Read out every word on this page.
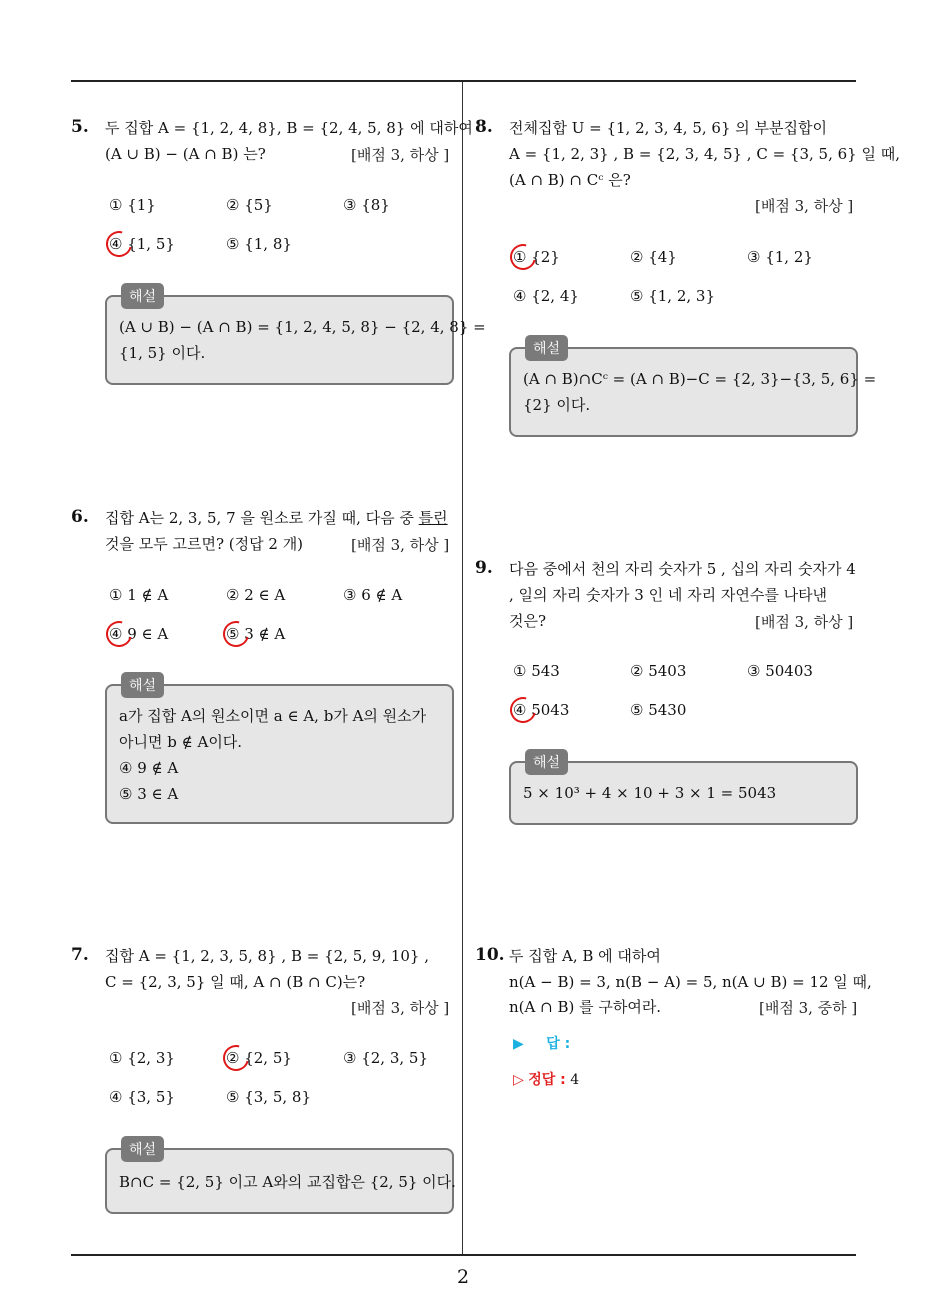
5. 두 집합 A = {1, 2, 4, 8}, B = {2, 4, 5, 8} 에 대하여
(A ∪ B) − (A ∩ B) 는?	[배점 3, 하상 ]
① {1}	② {5}	③ {8}
④ {1, 5}	⑤ {1, 8}
해설
(A ∪ B) − (A ∩ B) = {1, 2, 4, 5, 8} − {2, 4, 8} =
{1, 5} 이다.
6. 집합 A는 2, 3, 5, 7 을 원소로 가질 때, 다음 중 틀린
것을 모두 고르면? (정답 2 개)	[배점 3, 하상 ]
① 1 ∉ A	② 2 ∈ A	③ 6 ∉ A
④ 9 ∈ A	⑤ 3 ∉ A
해설
a가 집합 A의 원소이면 a ∈ A, b가 A의 원소가
아니면 b ∉ A이다.
④ 9 ∉ A
⑤ 3 ∈ A
7. 집합 A = {1, 2, 3, 5, 8} , B = {2, 5, 9, 10} ,
C = {2, 3, 5} 일 때, A ∩ (B ∩ C)는?
[배점 3, 하상 ]
① {2, 3}	② {2, 5}	③ {2, 3, 5}
④ {3, 5}	⑤ {3, 5, 8}
해설
B∩C = {2, 5} 이고 A와의 교집합은 {2, 5} 이다.
8. 전체집합 U = {1, 2, 3, 4, 5, 6} 의 부분집합이
A = {1, 2, 3} , B = {2, 3, 4, 5} , C = {3, 5, 6} 일 때,
(A ∩ B) ∩ Cᶜ 은?
[배점 3, 하상 ]
① {2}	② {4}	③ {1, 2}
④ {2, 4}	⑤ {1, 2, 3}
해설
(A ∩ B)∩Cᶜ = (A ∩ B)−C = {2, 3}−{3, 5, 6} =
{2} 이다.
9. 다음 중에서 천의 자리 숫자가 5 , 십의 자리 숫자가 4
, 일의 자리 숫자가 3 인 네 자리 자연수를 나타낸
것은?	[배점 3, 하상 ]
① 543	② 5403	③ 50403
④ 5043	⑤ 5430
해설
5 × 10³ + 4 × 10 + 3 × 1 = 5043
10. 두 집합 A, B 에 대하여
n(A − B) = 3, n(B − A) = 5, n(A ∪ B) = 12 일 때,
n(A ∩ B) 를 구하여라.	[배점 3, 중하 ]
▶ 답 :
▷ 정답 : 4
2
